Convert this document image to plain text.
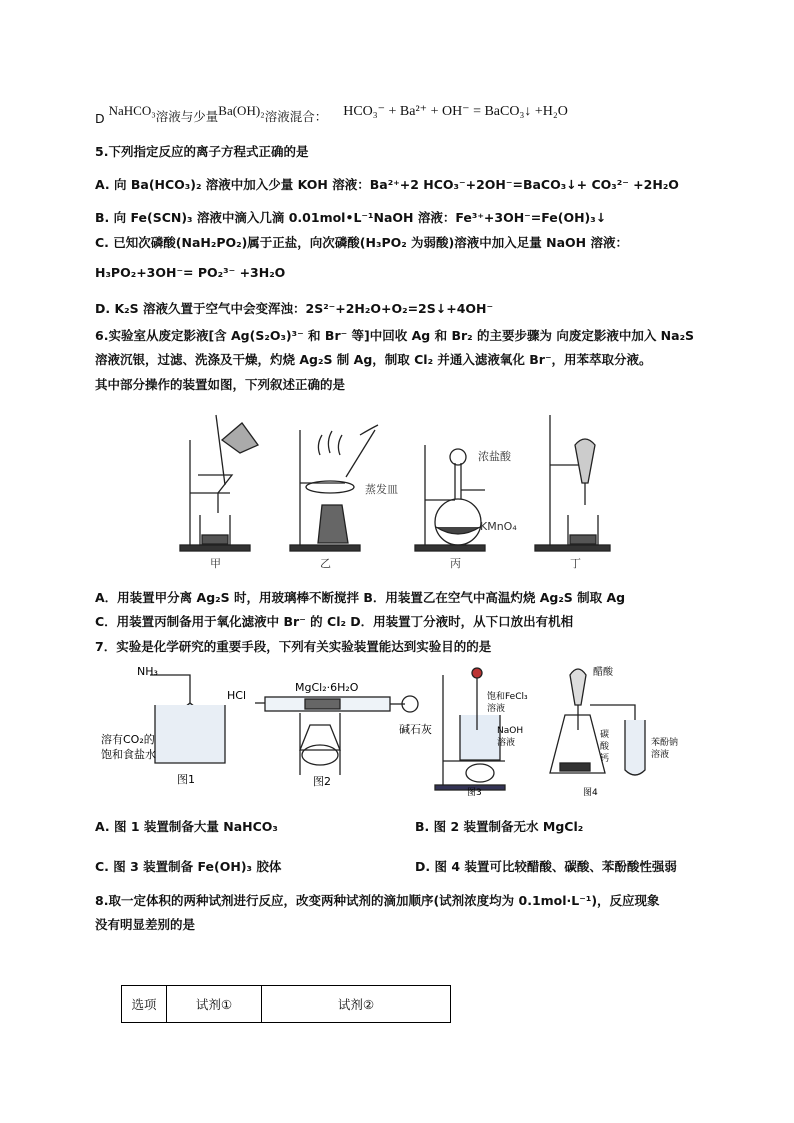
D NaHCO₃溶液与少量Ba(OH)₂溶液混合： HCO₃⁻ + Ba²⁺ + OH⁻ = BaCO₃↓ +H₂O
5.下列指定反应的离子方程式正确的是
A. 向 Ba(HCO₃)₂ 溶液中加入少量 KOH 溶液：Ba²⁺+2 HCO₃⁻+2OH⁻=BaCO₃↓+ CO₃²⁻ +2H₂O
B. 向 Fe(SCN)₃ 溶液中滴入几滴 0.01mol•L⁻¹NaOH 溶液：Fe³⁺+3OH⁻=Fe(OH)₃↓
C. 已知次磷酸(NaH₂PO₂)属于正盐，向次磷酸(H₃PO₂ 为弱酸)溶液中加入足量 NaOH 溶液：
H₃PO₂+3OH⁻= PO₂³⁻ +3H₂O
D. K₂S 溶液久置于空气中会变浑浊：2S²⁻+2H₂O+O₂=2S↓+4OH⁻
6.实验室从废定影液[含 Ag(S₂O₃)³⁻ 和 Br⁻ 等]中回收 Ag 和 Br₂ 的主要步骤为 向废定影液中加入 Na₂S
溶液沉银，过滤、洗涤及干燥，灼烧 Ag₂S 制 Ag，制取 Cl₂ 并通入滤液氧化 Br⁻，用苯萃取分液。
其中部分操作的装置如图，下列叙述正确的是
甲	乙	丙	丁
蒸发皿
浓盐酸
KMnO₄
A．用装置甲分离 Ag₂S 时，用玻璃棒不断搅拌 B．用装置乙在空气中高温灼烧 Ag₂S 制取 Ag
C．用装置丙制备用于氧化滤液中 Br⁻ 的 Cl₂ D．用装置丁分液时，从下口放出有机相
7．实验是化学研究的重要手段，下列有关实验装置能达到实验目的的是
NH₃
溶有CO₂的
饱和食盐水
图1
HCl
MgCl₂·6H₂O
碱石灰
图2
饱和FeCl₃
溶液
NaOH
溶液
图3
醋酸
碳
酸
钙
苯酚钠
溶液
图4
A. 图 1 装置制备大量 NaHCO₃	B. 图 2 装置制备无水 MgCl₂
C. 图 3 装置制备 Fe(OH)₃ 胶体	D. 图 4 装置可比较醋酸、碳酸、苯酚酸性强弱
8.取一定体积的两种试剂进行反应，改变两种试剂的滴加顺序(试剂浓度均为 0.1mol·L⁻¹)，反应现象
没有明显差别的是
选项	试剂①	试剂②
